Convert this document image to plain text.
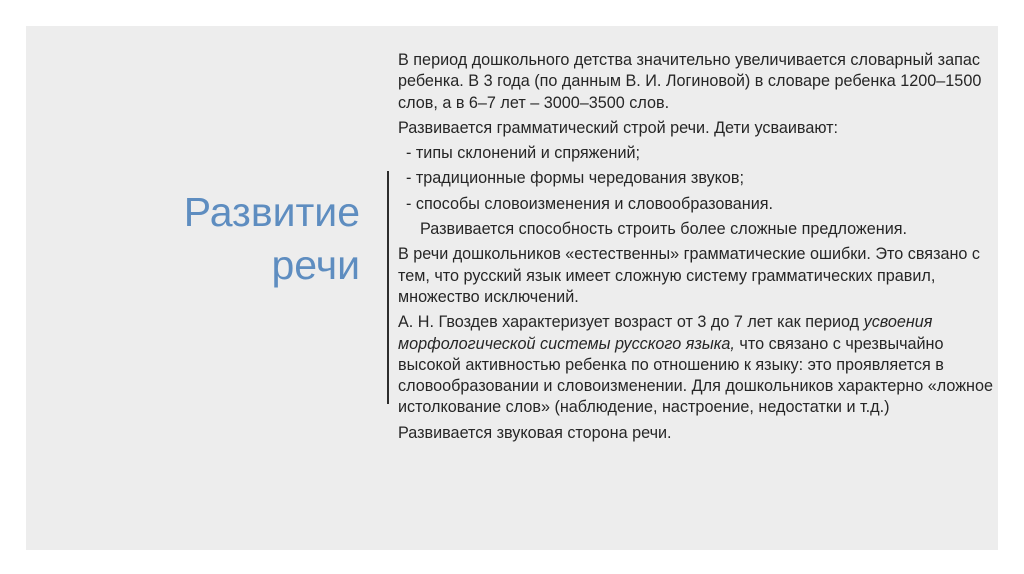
Развитие речи

В период дошкольного детства значительно увеличивается словарный запас ребенка. В 3 года (по данным В. И. Логиновой) в словаре ребенка 1200–1500 слов, а в 6–7 лет – 3000–3500 слов.

Развивается грамматический строй речи. Дети усваивают:

- типы склонений и спряжений;

- традиционные формы чередования звуков;

- способы словоизменения и словообразования.

Развивается способность строить более сложные предложения.

В речи дошкольников «естественны» грамматические ошибки. Это связано с тем, что русский язык имеет сложную систему грамматических правил, множество исключений.

А. Н. Гвоздев характеризует возраст от 3 до 7 лет как период усвоения морфологической системы русского языка, что связано с чрезвычайно высокой активностью ребенка по отношению к языку: это проявляется в словообразовании и словоизменении. Для дошкольников характерно «ложное истолкование слов» (наблюдение, настроение, недостатки и т.д.)

Развивается звуковая сторона речи.
